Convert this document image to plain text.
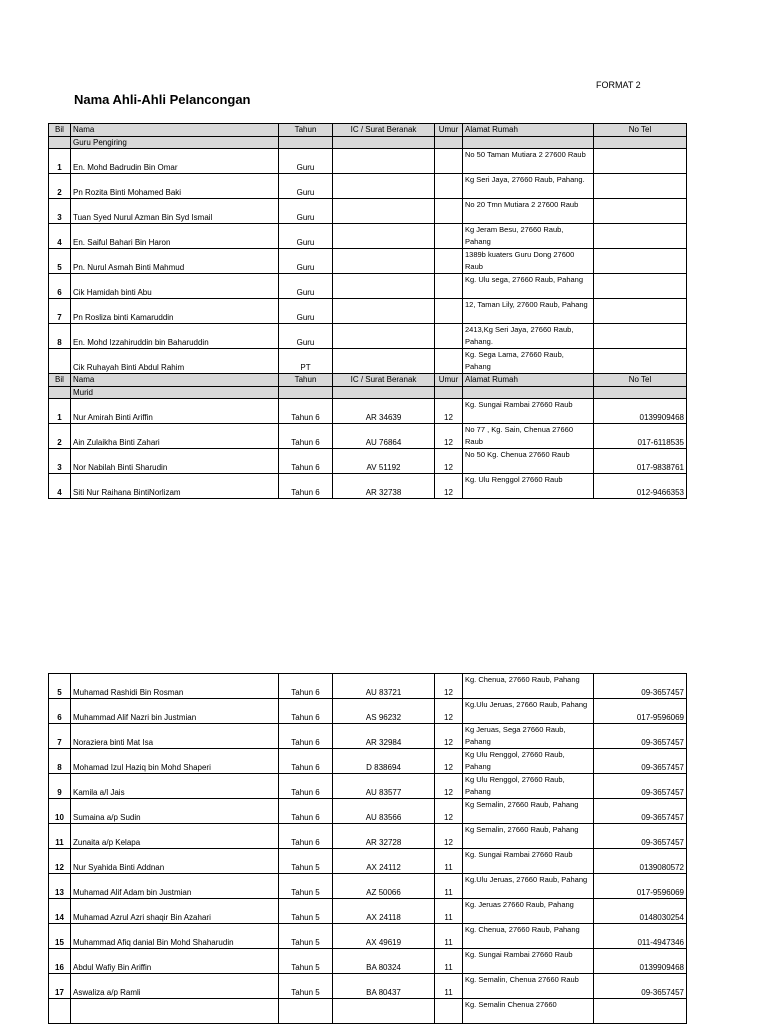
FORMAT 2
Nama Ahli-Ahli Pelancongan
Bil	Nama	Tahun	IC / Surat Beranak	Umur	Alamat Rumah	No Tel
	Guru Pengiring					
1	En. Mohd Badrudin Bin Omar	Guru			No 50 Taman Mutiara 2 27600 Raub	
2	Pn Rozita Binti Mohamed Baki	Guru			Kg Seri Jaya, 27660 Raub, Pahang.	
3	Tuan Syed Nurul Azman Bin Syd Ismail	Guru			No 20 Tmn Mutiara 2 27600 Raub	
4	En. Saiful Bahari Bin Haron	Guru			Kg Jeram Besu, 27660 Raub, Pahang	
5	Pn. Nurul Asmah Binti Mahmud	Guru			1389b kuaters Guru Dong 27600 Raub	
6	Cik Hamidah binti Abu	Guru			Kg. Ulu sega, 27660 Raub, Pahang	
7	Pn Rosliza binti Kamaruddin	Guru			12, Taman Lily, 27600 Raub, Pahang	
8	En. Mohd Izzahiruddin bin Baharuddin	Guru			2413,Kg Seri Jaya, 27660 Raub, Pahang.	
	Cik Ruhayah Binti Abdul Rahim	PT			Kg. Sega Lama, 27660 Raub, Pahang	
Bil	Nama	Tahun	IC / Surat Beranak	Umur	Alamat Rumah	No Tel
	Murid					
1	Nur Amirah Binti Ariffin	Tahun 6	AR 34639	12	Kg. Sungai Rambai 27660 Raub	0139909468
2	Ain Zulaikha Binti Zahari	Tahun 6	AU 76864	12	No 77 , Kg. Sain, Chenua 27660 Raub	017-6118535
3	Nor Nabilah Binti Sharudin	Tahun 6	AV 51192	12	No 50 Kg. Chenua 27660 Raub	017-9838761
4	Siti Nur Raihana BintiNorlizam	Tahun 6	AR 32738	12	Kg. Ulu Renggol 27660 Raub	012-9466353
5	Muhamad Rashidi Bin Rosman	Tahun 6	AU 83721	12	Kg. Chenua, 27660 Raub, Pahang	09-3657457
6	Muhammad Alif Nazri bin Justmian	Tahun 6	AS 96232	12	Kg.Ulu Jeruas, 27660 Raub, Pahang	017-9596069
7	Noraziera binti Mat Isa	Tahun 6	AR 32984	12	Kg Jeruas, Sega 27660 Raub, Pahang	09-3657457
8	Mohamad Izul Haziq bin Mohd Shaperi	Tahun 6	D 838694	12	Kg Ulu Renggol, 27660 Raub, Pahang	09-3657457
9	Kamila a/l Jais	Tahun 6	AU 83577	12	Kg Ulu Renggol, 27660 Raub, Pahang	09-3657457
10	Sumaina a/p Sudin	Tahun 6	AU 83566	12	Kg Semalin, 27660 Raub, Pahang	09-3657457
11	Zunaita a/p Kelapa	Tahun 6	AR 32728	12	Kg Semalin, 27660 Raub, Pahang	09-3657457
12	Nur Syahida Binti Addnan	Tahun 5	AX 24112	11	Kg. Sungai Rambai 27660 Raub	0139080572
13	Muhamad Alif Adam bin Justmian	Tahun 5	AZ 50066	11	Kg.Ulu Jeruas, 27660 Raub, Pahang	017-9596069
14	Muhamad Azrul Azri shaqir Bin Azahari	Tahun 5	AX 24118	11	Kg. Jeruas 27660 Raub, Pahang	0148030254
15	Muhammad Afiq danial Bin Mohd Shaharudin	Tahun 5	AX 49619	11	Kg. Chenua, 27660 Raub, Pahang	011-4947346
16	Abdul Wafiy Bin Ariffin	Tahun 5	BA 80324	11	Kg. Sungai Rambai 27660 Raub	0139909468
17	Aswaliza a/p Ramli	Tahun 5	BA 80437	11	Kg. Semalin, Chenua 27660 Raub	09-3657457
					Kg. Semalin Chenua 27660	
